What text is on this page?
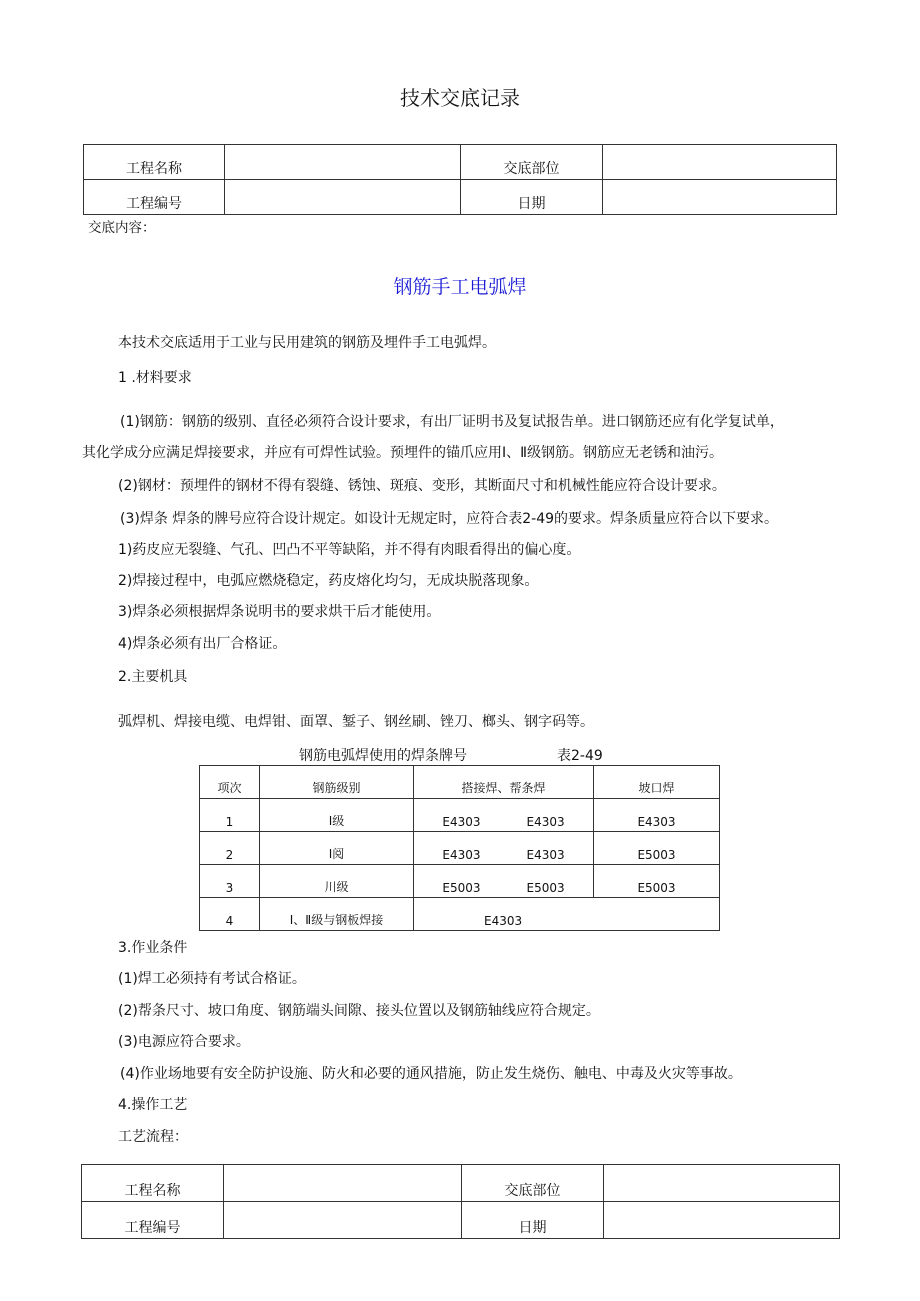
技术交底记录
工程名称		交底部位	

工程编号		日期	

交底内容：
钢筋手工电弧焊
本技术交底适用于工业与民用建筑的钢筋及埋件手工电弧焊。
1 .材料要求
(1)钢筋：钢筋的级别、直径必须符合设计要求，有出厂证明书及复试报告单。进口钢筋还应有化学复试单，
其化学成分应满足焊接要求，并应有可焊性试验。预埋件的锚爪应用Ⅰ、Ⅱ级钢筋。钢筋应无老锈和油污。
(2)钢材：预埋件的钢材不得有裂缝、锈蚀、斑痕、变形，其断面尺寸和机械性能应符合设计要求。
(3)焊条 焊条的牌号应符合设计规定。如设计无规定时，应符合表2-49的要求。焊条质量应符合以下要求。
1)药皮应无裂缝、气孔、凹凸不平等缺陷，并不得有肉眼看得出的偏心度。
2)焊接过程中，电弧应燃烧稳定，药皮熔化均匀，无成块脱落现象。
3)焊条必须根据焊条说明书的要求烘干后才能使用。
4)焊条必须有出厂合格证。
2.主要机具
弧焊机、焊接电缆、电焊钳、面罩、錾子、钢丝刷、锉刀、榔头、钢字码等。
钢筋电弧焊使用的焊条牌号	表2-49
项次	钢筋级别	搭接焊、帮条焊	坡口焊
1	Ⅰ级	E4303 E4303	E4303
2	Ⅰ阅	E4303 E4303	E5003
3	川级	E5003 E5003	E5003
4	Ⅰ、Ⅱ级与钢板焊接	E4303	
3.作业条件
(1)焊工必须持有考试合格证。
(2)帮条尺寸、坡口角度、钢筋端头间隙、接头位置以及钢筋轴线应符合规定。
(3)电源应符合要求。
(4)作业场地要有安全防护设施、防火和必要的通风措施，防止发生烧伤、触电、中毒及火灾等事故。
4.操作工艺
工艺流程：
工程名称		交底部位	

工程编号		日期	
